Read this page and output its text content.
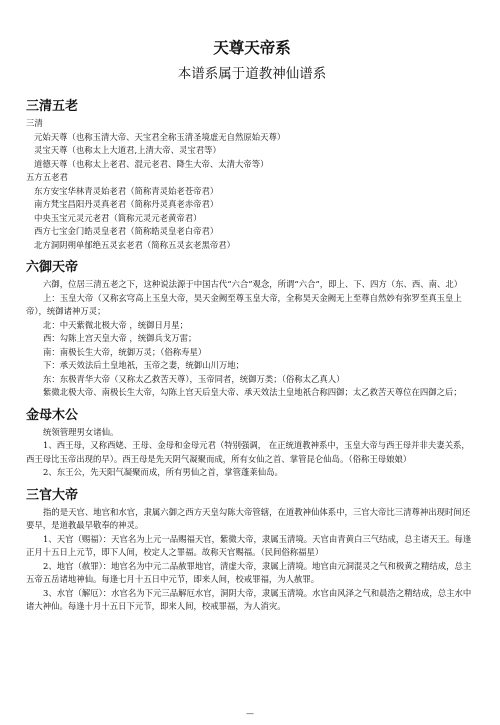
天尊天帝系
本谱系属于道教神仙谱系
三清五老
三清
元始天尊（也称玉清大帝、天宝君全称玉清圣境虚无自然原始天尊）
灵宝天尊（也称太上大道君,上清大帝、灵宝君等）
道德天尊（也称太上老君、混元老君、降生大帝、太清大帝等）
五方五老君
东方安宝华林青灵始老君（简称青灵始老苍帝君）
南方梵宝昌阳丹灵真老君（简称丹灵真老赤帝君）
中央玉宝元灵元老君（简称元灵元老黄帝君）
西方七宝金门皓灵皇老君（简称皓灵皇老白帝君）
北方洞阴朔单郁绝五灵玄老君（简称五灵玄老黑帝君）
六御天帝
六御，位居三清五老之下，这种说法源于中国古代“六合”观念，所谓“六合”，即上、下、四方（东、西、南、北）
上：玉皇大帝（又称玄穹高上玉皇大帝，昊天金阙至尊玉皇大帝，全称昊天金阙无上至尊自然妙有弥罗至真玉皇上帝），统御诸神万灵；
北：中天紫微北极大帝 ，统御日月星；
西：勾陈上宫天皇大帝 ，统御兵戈万雷；
南：南极长生大帝，统御万灵；（俗称寿星）
下：承天效法后土皇地祇，玉帝之妻，统御山川万地；
东：东极青华大帝（又称太乙救苦天尊），玉帝同者，统御万类；（俗称太乙真人）
紫微北极大帝、南极长生大帝，勾陈上宫天后皇大帝、承天效法土皇地祇合称四御；太乙救苦天尊位在四御之后；
金母木公
统领管理男女诸仙。
1、西王母，又称西姥、王母、金母和金母元君（特别强调， 在正统道教神系中，玉皇大帝与西王母并非夫妻关系，西王母比玉帝出现的早）。西王母是先天阴气凝聚而成，所有女仙之首、掌管昆仑仙岛。（俗称王母娘娘）
2、东王公，先天阳气凝聚而成，所有男仙之首，掌管蓬莱仙岛。
三官大帝
指的是天官、地官和水官，隶属六御之西方天皇勾陈大帝管辖，在道教神仙体系中，三官大帝比三清尊神出现时间还要早，是道教最早敬奉的神灵。
1、天官（赐福）：天官名为上元一品赐福天官，紫微大帝，隶属玉清境。天官由青黄白三气结成，总主诸天王。每逢正月十五日上元节，即下人间，校定人之罪福。故称天官赐福。（民间俗称福星）
2、地官（赦罪）：地官名为中元二品赦罪地官，清虚大帝，隶属上清境。地官由元洞混灵之气和极黄之精结成，总主五帝五岳诸地神仙。每逢七月十五日中元节，即来人间，校戒罪福，为人赦罪。
3、水官（解厄）：水官名为下元三品解厄水官，洞阴大帝，隶属玉清境。水官由风泽之气和晨浩之精结成，总主水中诸大神仙。每逢十月十五日下元节，即来人间，校戒罪福，为人消灾。
—
